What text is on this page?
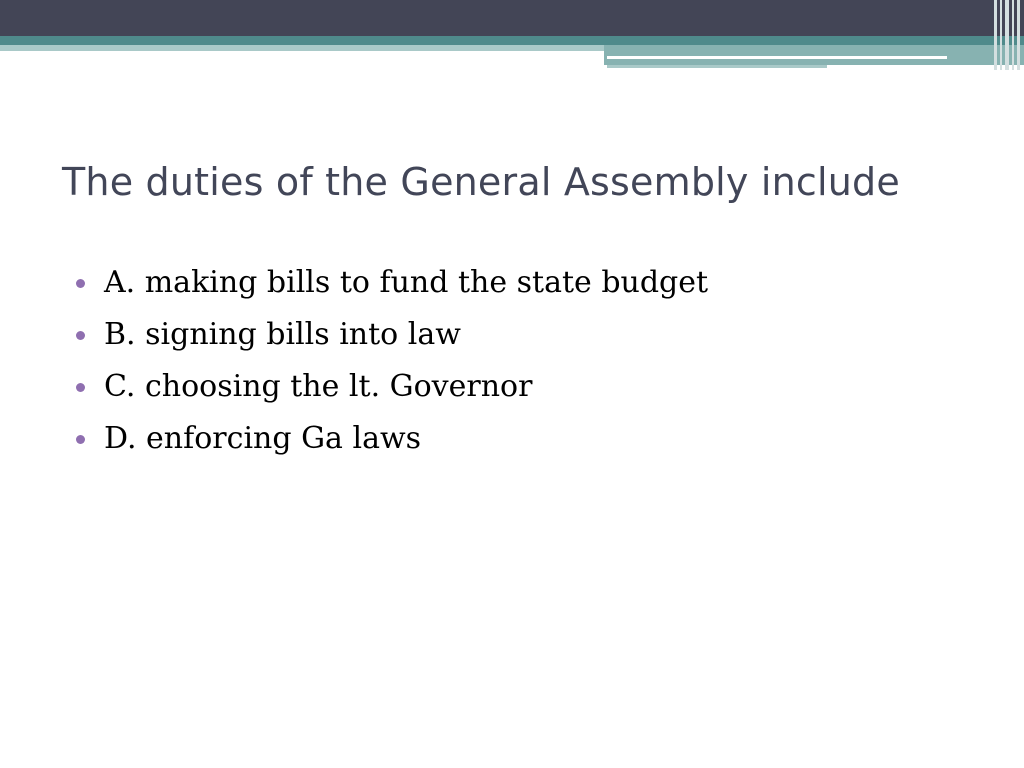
The duties of the General Assembly include
A. making bills to fund the state budget
B. signing bills into law
C. choosing the lt. Governor
D. enforcing Ga laws
